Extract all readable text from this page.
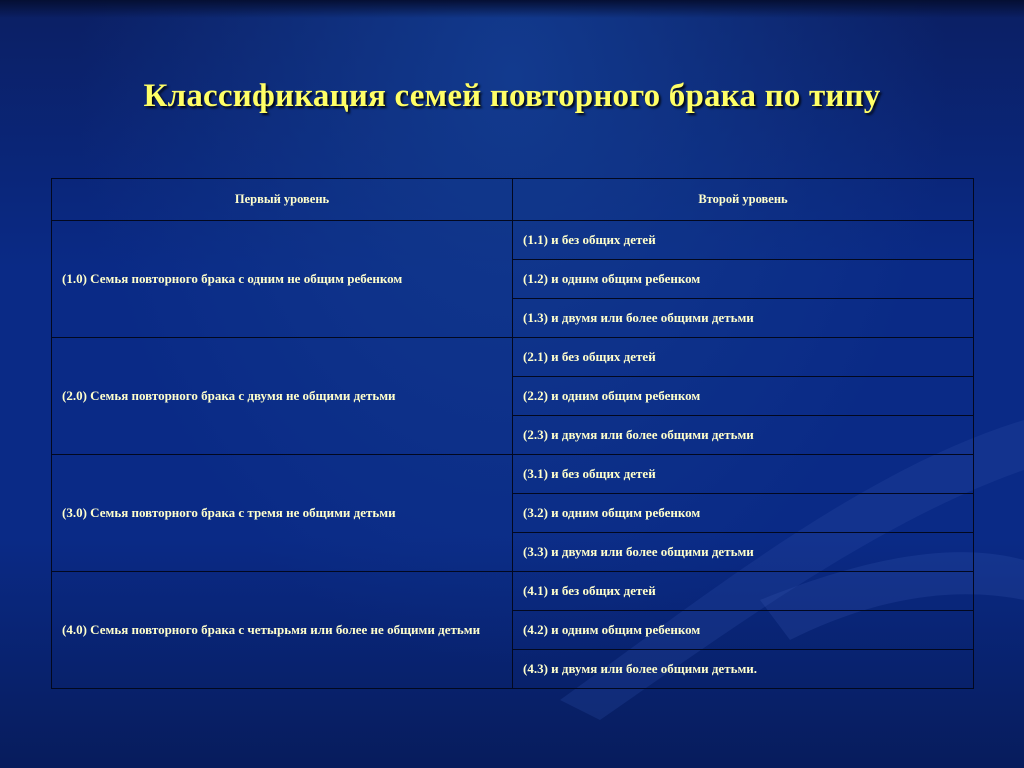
Классификация семей повторного брака по типу
Первый уровень	Второй уровень
(1.0) Семья повторного брака с одним не общим ребенком	(1.1) и без общих детей
	(1.2) и одним общим ребенком
	(1.3) и двумя или более общими детьми
(2.0) Семья повторного брака с двумя не общими детьми	(2.1) и без общих детей
	(2.2) и одним общим ребенком
	(2.3) и двумя или более общими детьми
(3.0) Семья повторного брака с тремя не общими детьми	(3.1) и без общих детей
	(3.2) и одним общим ребенком
	(3.3) и двумя или более общими детьми

(4.0) Семья повторного брака с четырьмя или более не общими детьми	(4.1) и без общих детей
	(4.2) и одним общим ребенком
	(4.3) и двумя или более общими детьми.
